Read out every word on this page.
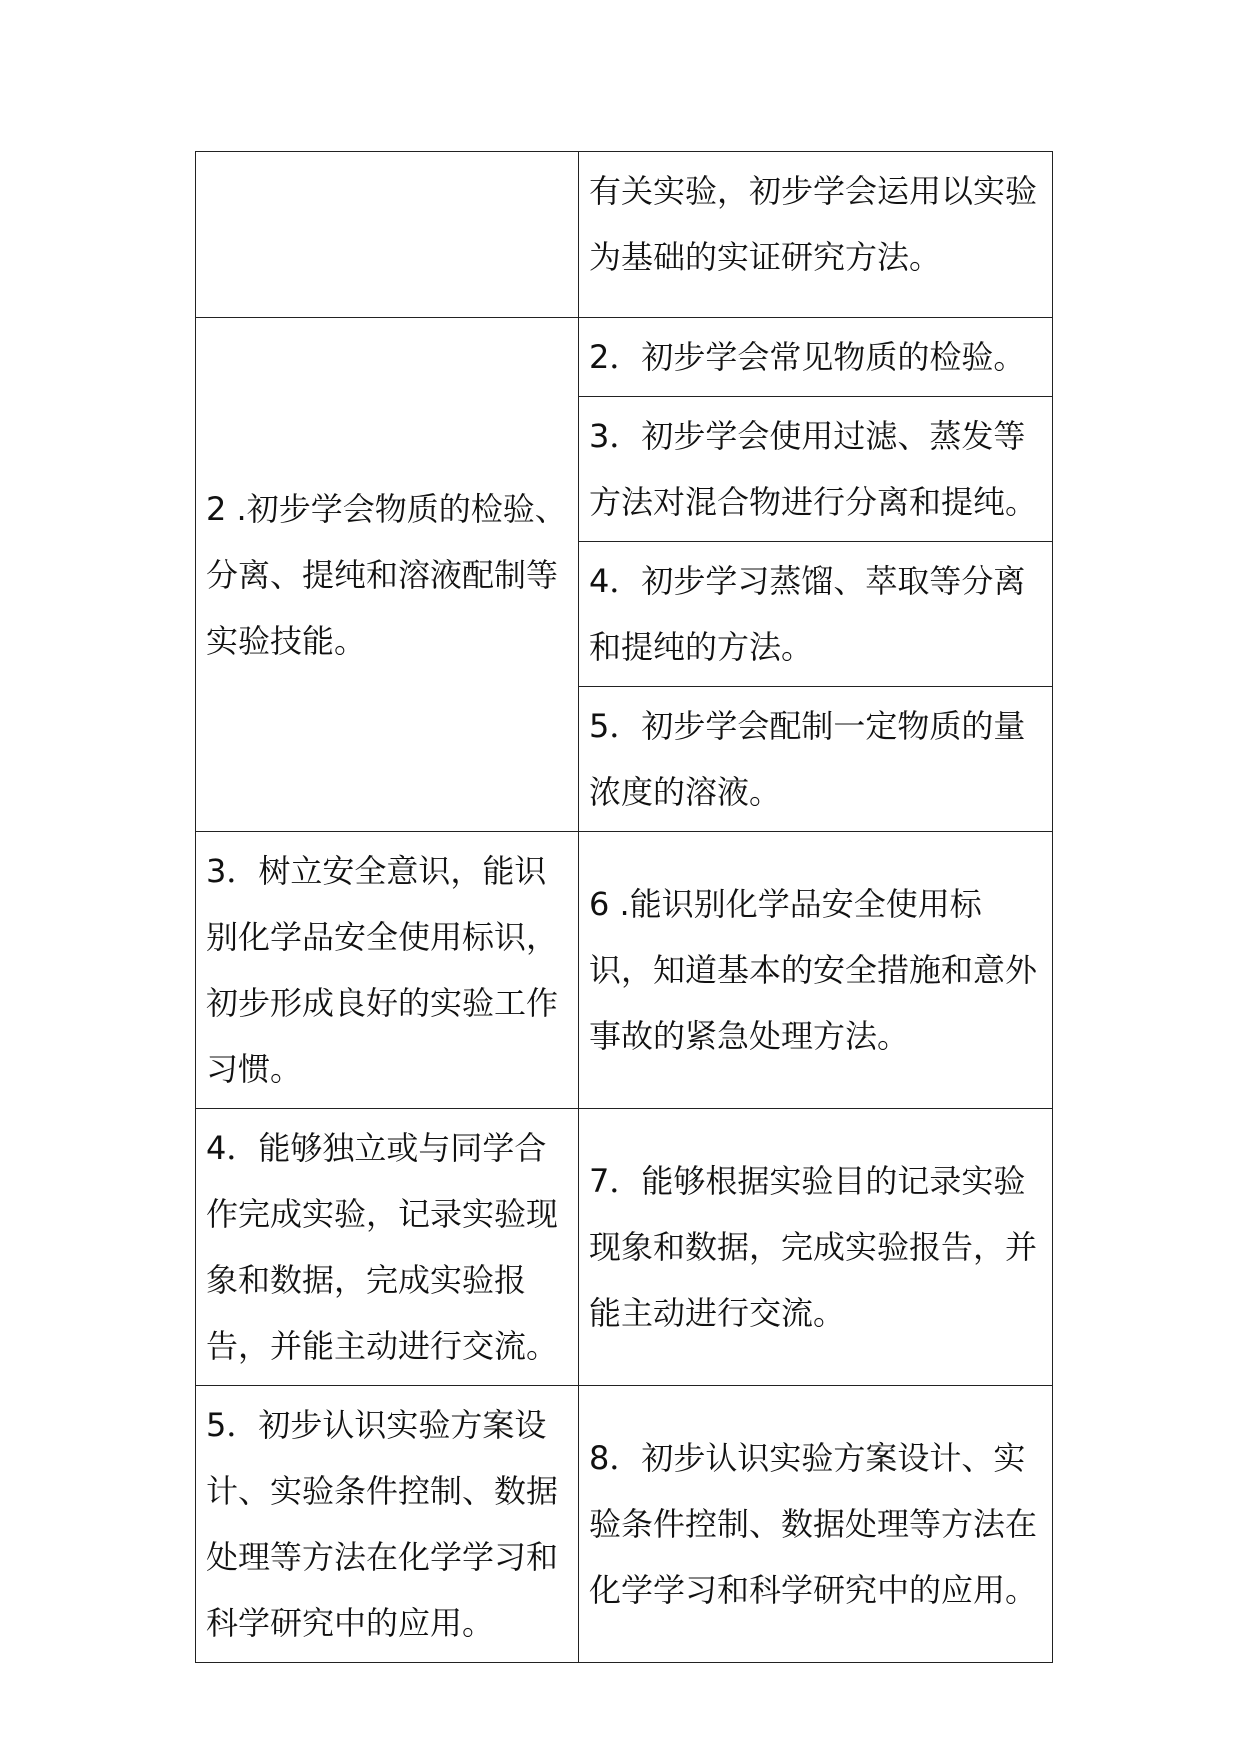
	有关实验，初步学会运用以实验为基础的实证研究方法。

2 .初步学会物质的检验、分离、提纯和溶液配制等实验技能。	2．初步学会常见物质的检验。

	3．初步学会使用过滤、蒸发等方法对混合物进行分离和提纯。

	4．初步学习蒸馏、萃取等分离和提纯的方法。

	5．初步学会配制一定物质的量浓度的溶液。

3．树立安全意识，能识别化学品安全使用标识，初步形成良好的实验工作习惯。	6 .能识别化学品安全使用标识，知道基本的安全措施和意外事故的紧急处理方法。

4．能够独立或与同学合作完成实验，记录实验现象和数据，完成实验报告，并能主动进行交流。	7．能够根据实验目的记录实验现象和数据，完成实验报告，并能主动进行交流。

5．初步认识实验方案设计、实验条件控制、数据处理等方法在化学学习和科学研究中的应用。	8．初步认识实验方案设计、实验条件控制、数据处理等方法在化学学习和科学研究中的应用。
